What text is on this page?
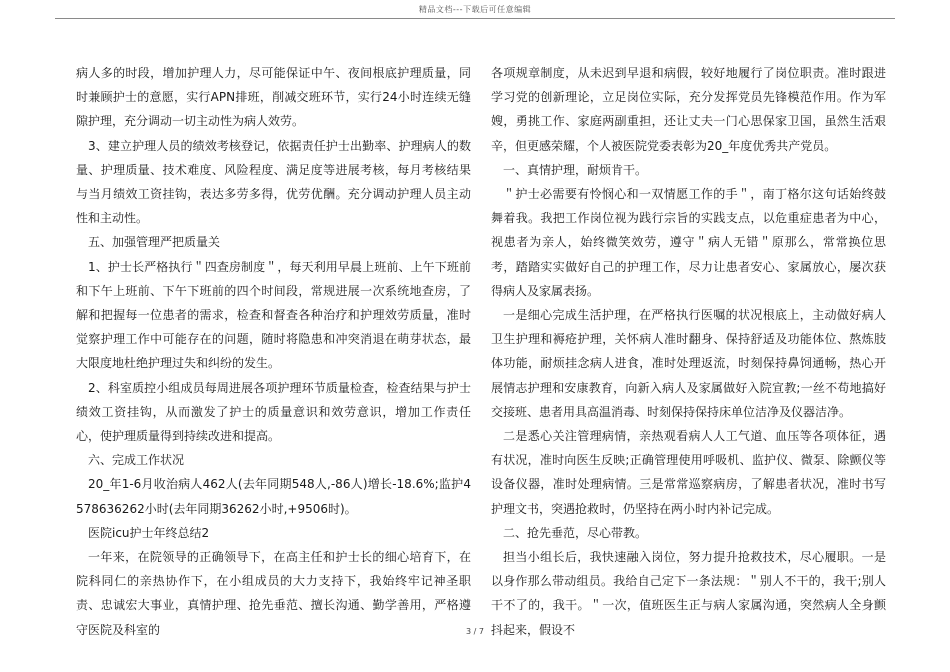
精品文档---下载后可任意编辑

病人多的时段，增加护理人力，尽可能保证中午、夜间根底护理质量，同时兼顾护士的意愿，实行APN排班，削减交班环节，实行24小时连续无缝隙护理，充分调动一切主动性为病人效劳。

3、建立护理人员的绩效考核登记，依据责任护士出勤率、护理病人的数量、护理质量、技术难度、风险程度、满足度等进展考核，每月考核结果与当月绩效工资挂钩，表达多劳多得，优劳优酬。充分调动护理人员主动性和主动性。

五、加强管理严把质量关

1、护士长严格执行＂四查房制度＂，每天利用早晨上班前、上午下班前和下午上班前、下午下班前的四个时间段，常规进展一次系统地查房，了解和把握每一位患者的需求，检查和督查各种治疗和护理效劳质量，准时觉察护理工作中可能存在的问题，随时将隐患和冲突消退在萌芽状态，最大限度地杜绝护理过失和纠纷的发生。

2、科室质控小组成员每周进展各项护理环节质量检查，检查结果与护士绩效工资挂钩，从而激发了护士的质量意识和效劳意识，增加工作责任心，使护理质量得到持续改进和提高。

六、完成工作状况

20_年1-6月收治病人462人(去年同期548人,-86人)增长-18.6%;监护4578636262小时(去年同期36262小时,+9506时)。

医院icu护士年终总结2

一年来，在院领导的正确领导下，在高主任和护士长的细心培育下，在院科同仁的亲热协作下，在小组成员的大力支持下，我始终牢记神圣职责、忠诚宏大事业，真情护理、抢先垂范、擅长沟通、勤学善用，严格遵守医院及科室的

各项规章制度，从未迟到早退和病假，较好地履行了岗位职责。准时跟进学习党的创新理论，立足岗位实际，充分发挥党员先锋模范作用。作为军嫂，勇挑工作、家庭两副重担，还让丈夫一门心思保家卫国，虽然生活艰辛，但更感荣耀，个人被医院党委表彰为20_年度优秀共产党员。

一、真情护理，耐烦肯干。

＂护士必需要有怜悯心和一双情愿工作的手＂，南丁格尔这句话始终鼓舞着我。我把工作岗位视为践行宗旨的实践支点，以危重症患者为中心，视患者为亲人，始终微笑效劳，遵守＂病人无错＂原那么，常常换位思考，踏踏实实做好自己的护理工作，尽力让患者安心、家属放心，屡次获得病人及家属表扬。

一是细心完成生活护理，在严格执行医嘱的状况根底上，主动做好病人卫生护理和褥疮护理，关怀病人准时翻身、保持舒适及功能体位、熬炼肢体功能，耐烦挂念病人进食，准时处理返流，时刻保持鼻饲通畅，热心开展情志护理和安康教育，向新入病人及家属做好入院宣教;一丝不苟地搞好交接班、患者用具高温消毒、时刻保持保持床单位洁净及仪器洁净。

二是悉心关注管理病情，亲热观看病人人工气道、血压等各项体征，遇有状况，准时向医生反映;正确管理使用呼吸机、监护仪、微泵、除颤仪等设备仪器，准时处理病情。三是常常巡察病房，了解患者状况，准时书写护理文书，突遇抢救时，仍坚持在两小时内补记完成。

二、抢先垂范，尽心带教。

担当小组长后，我快速融入岗位，努力提升抢救技术，尽心履职。一是以身作那么带动组员。我给自己定下一条法规：＂别人不干的，我干;别人干不了的，我干。＂一次，值班医生正与病人家属沟通，突然病人全身颤抖起来，假设不

3 / 7
